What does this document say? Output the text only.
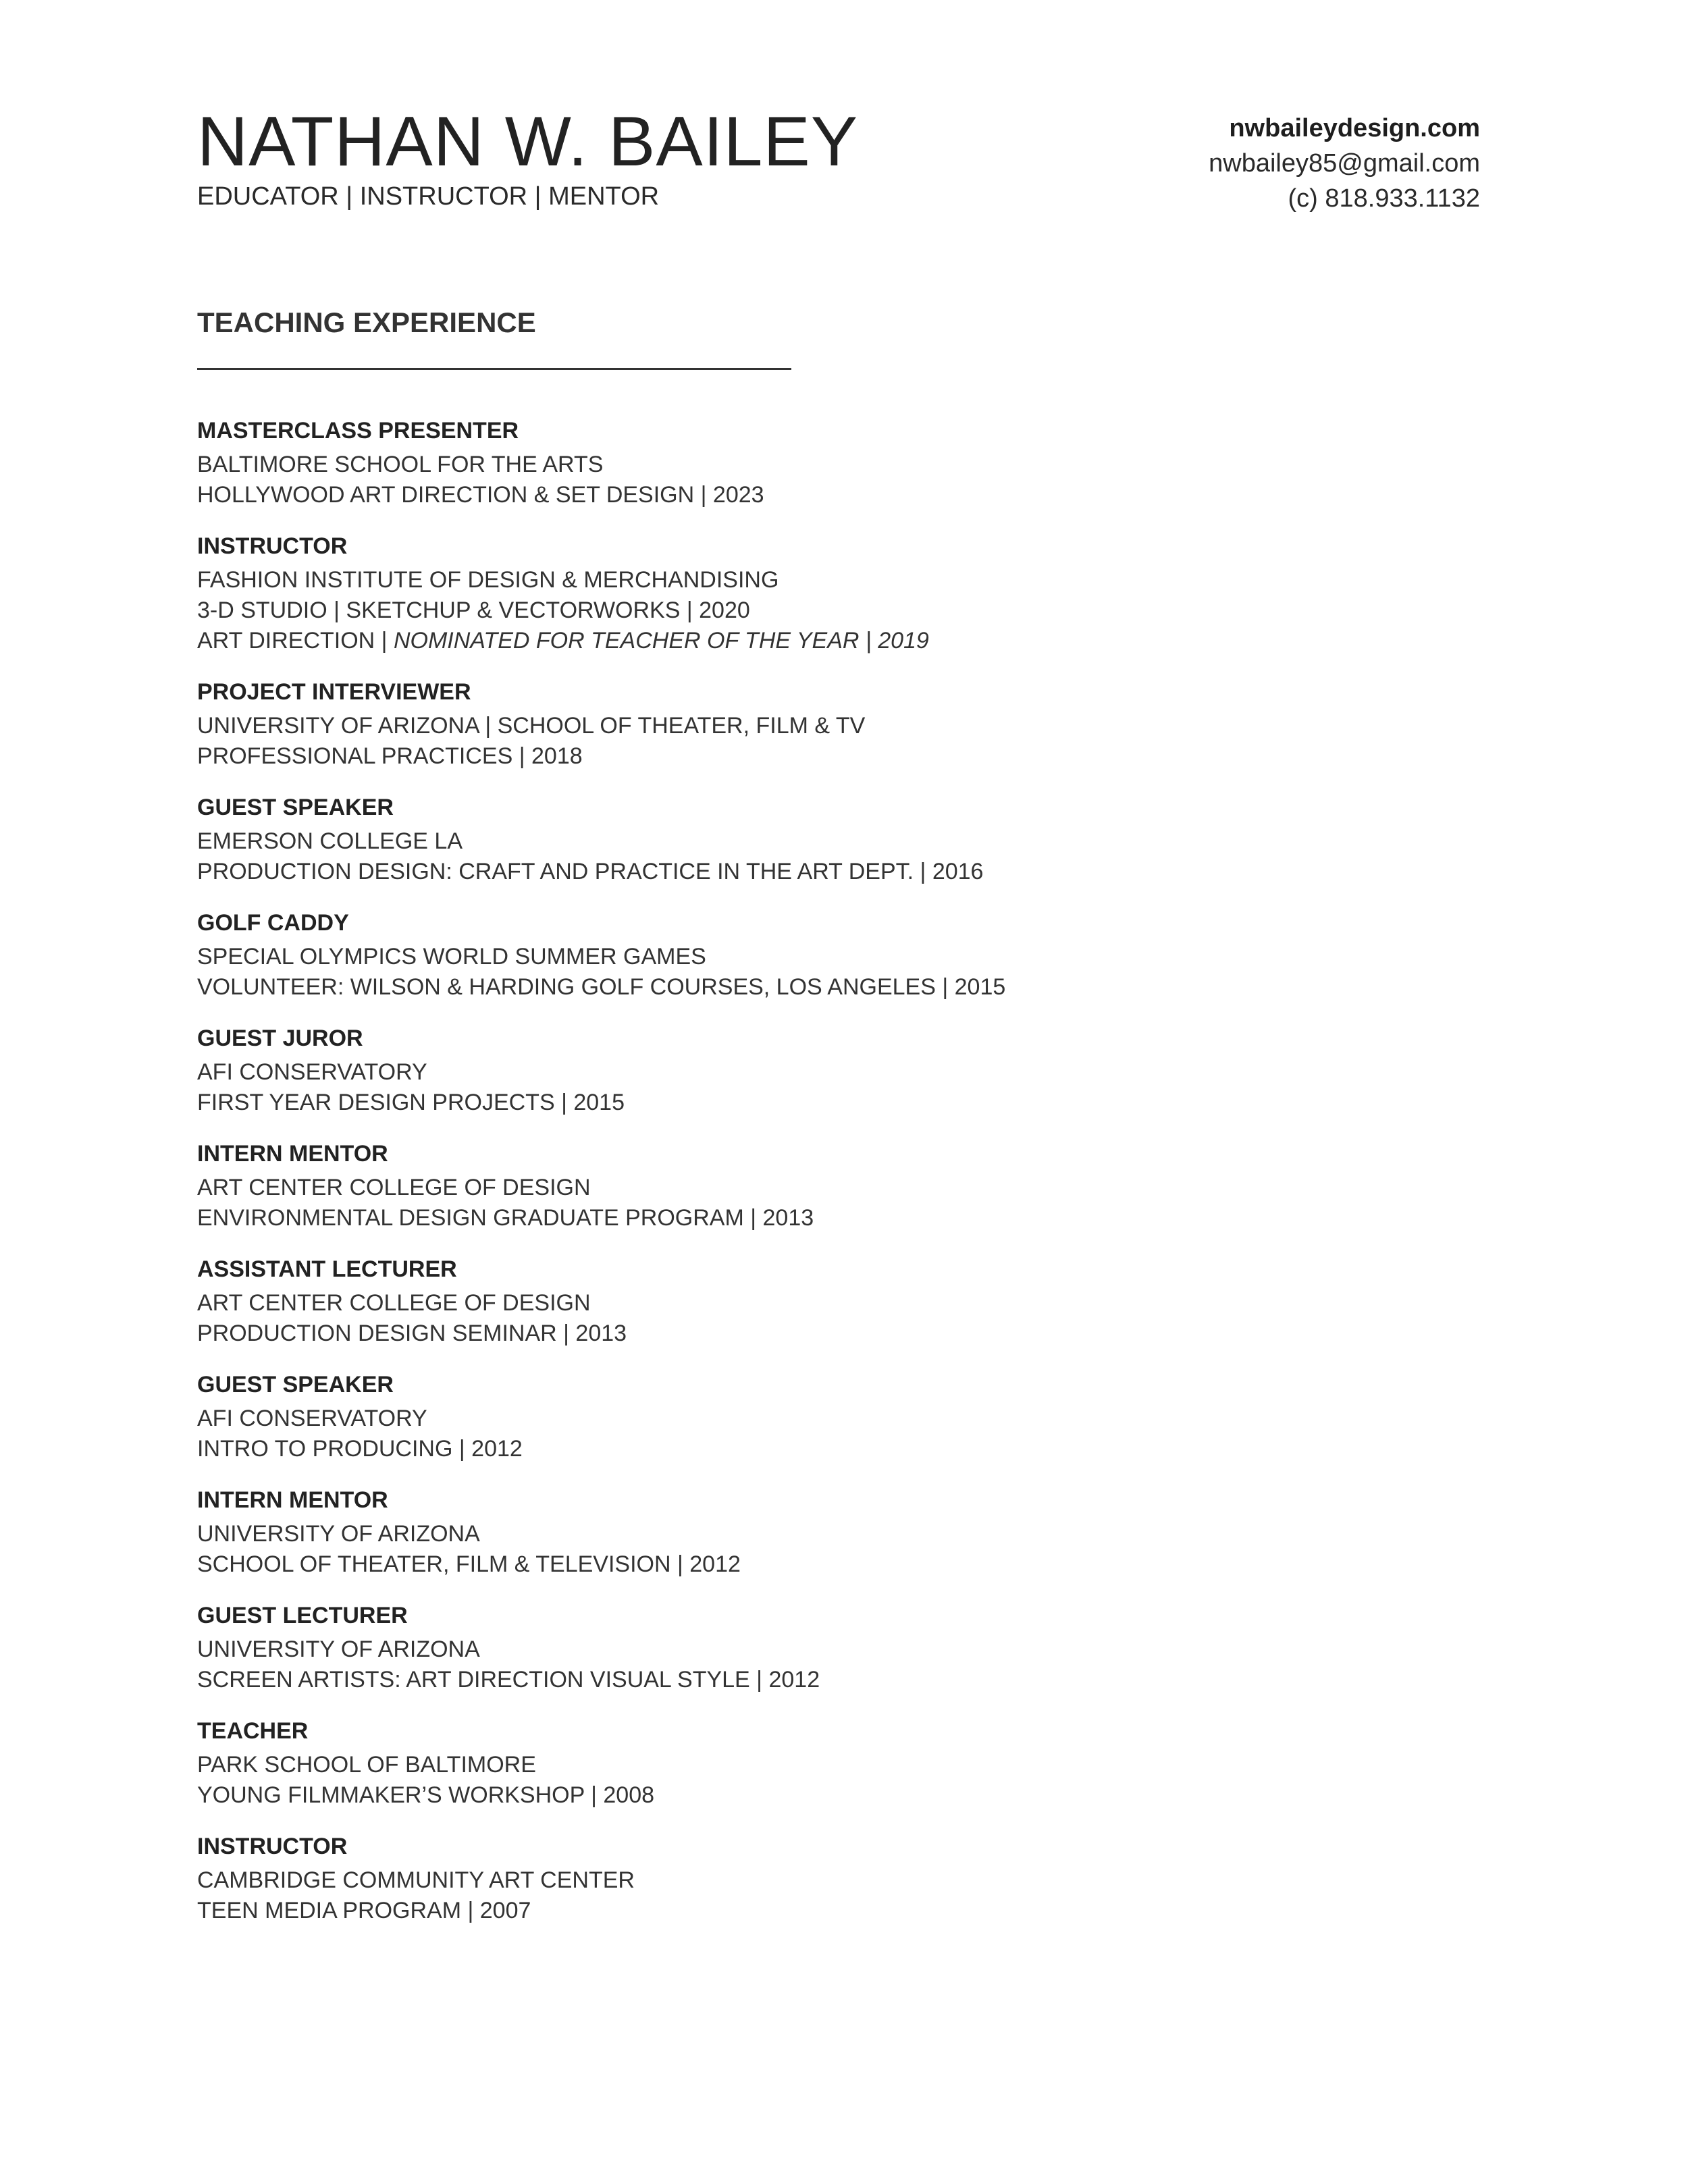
NATHAN W. BAILEY
EDUCATOR | INSTRUCTOR | MENTOR
nwbaileydesign.com
nwbailey85@gmail.com
(c) 818.933.1132
TEACHING EXPERIENCE
MASTERCLASS PRESENTER
BALTIMORE SCHOOL FOR THE ARTS
HOLLYWOOD ART DIRECTION & SET DESIGN | 2023
INSTRUCTOR
FASHION INSTITUTE OF DESIGN & MERCHANDISING
3-D STUDIO | SKETCHUP & VECTORWORKS | 2020
ART DIRECTION | NOMINATED FOR TEACHER OF THE YEAR | 2019
PROJECT INTERVIEWER
UNIVERSITY OF ARIZONA | SCHOOL OF THEATER, FILM & TV
PROFESSIONAL PRACTICES | 2018
GUEST SPEAKER
EMERSON COLLEGE LA
PRODUCTION DESIGN: CRAFT AND PRACTICE IN THE ART DEPT. | 2016
GOLF CADDY
SPECIAL OLYMPICS WORLD SUMMER GAMES
VOLUNTEER: WILSON & HARDING GOLF COURSES, LOS ANGELES | 2015
GUEST JUROR
AFI CONSERVATORY
FIRST YEAR DESIGN PROJECTS | 2015
INTERN MENTOR
ART CENTER COLLEGE OF DESIGN
ENVIRONMENTAL DESIGN GRADUATE PROGRAM | 2013
ASSISTANT LECTURER
ART CENTER COLLEGE OF DESIGN
PRODUCTION DESIGN SEMINAR | 2013
GUEST SPEAKER
AFI CONSERVATORY
INTRO TO PRODUCING | 2012
INTERN MENTOR
UNIVERSITY OF ARIZONA
SCHOOL OF THEATER, FILM & TELEVISION | 2012
GUEST LECTURER
UNIVERSITY OF ARIZONA
SCREEN ARTISTS: ART DIRECTION VISUAL STYLE | 2012
TEACHER
PARK SCHOOL OF BALTIMORE
YOUNG FILMMAKER’S WORKSHOP | 2008
INSTRUCTOR
CAMBRIDGE COMMUNITY ART CENTER
TEEN MEDIA PROGRAM | 2007
